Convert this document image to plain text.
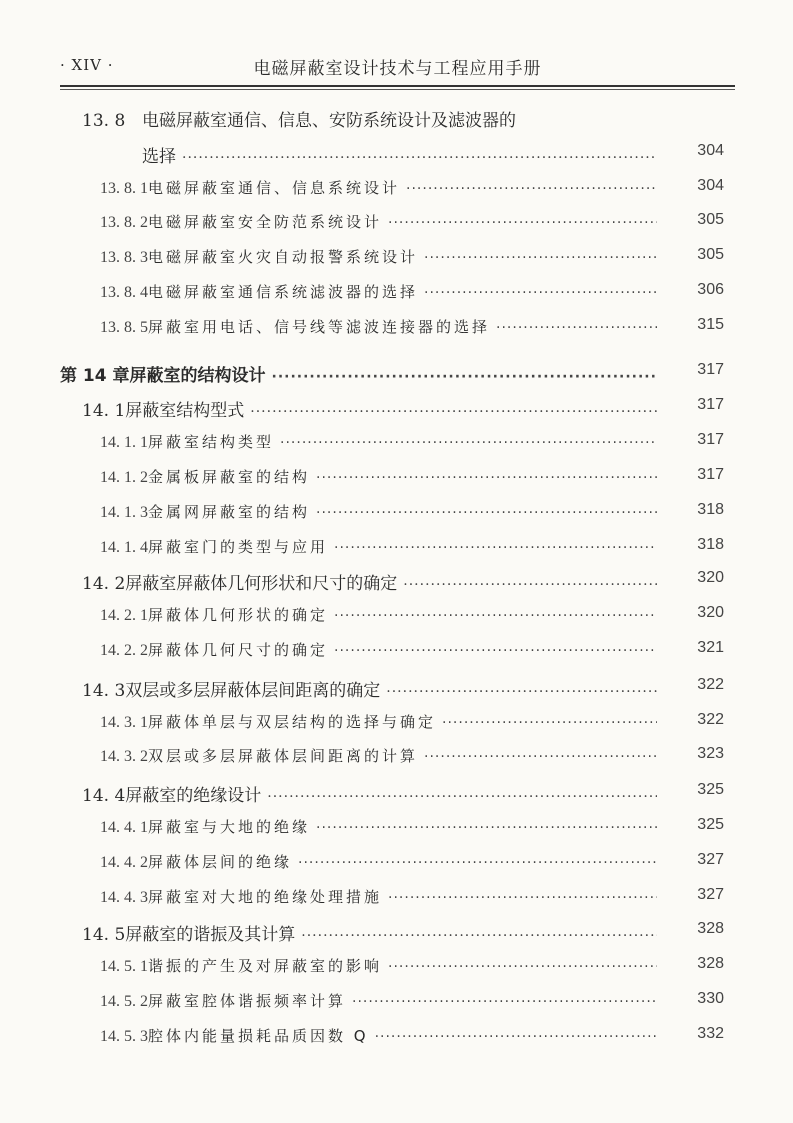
· XIV ·	电磁屏蔽室设计技术与工程应用手册
13. 8 电磁屏蔽室通信、信息、安防系统设计及滤波器的
选择 ·····	304
13. 8. 1 电磁屏蔽室通信、信息系统设计 ·····	304
13. 8. 2 电磁屏蔽室安全防范系统设计 ·····	305
13. 8. 3 电磁屏蔽室火灾自动报警系统设计 ·····	305
13. 8. 4 电磁屏蔽室通信系统滤波器的选择 ·····	306
13. 8. 5 屏蔽室用电话、信号线等滤波连接器的选择 ·····	315
第 14 章 屏蔽室的结构设计 ·····	317
14. 1 屏蔽室结构型式 ·····	317
14. 1. 1 屏蔽室结构类型 ·····	317
14. 1. 2 金属板屏蔽室的结构 ·····	317
14. 1. 3 金属网屏蔽室的结构 ·····	318
14. 1. 4 屏蔽室门的类型与应用 ·····	318
14. 2 屏蔽室屏蔽体几何形状和尺寸的确定 ·····	320
14. 2. 1 屏蔽体几何形状的确定 ·····	320
14. 2. 2 屏蔽体几何尺寸的确定 ·····	321
14. 3 双层或多层屏蔽体层间距离的确定 ·····	322
14. 3. 1 屏蔽体单层与双层结构的选择与确定 ·····	322
14. 3. 2 双层或多层屏蔽体层间距离的计算 ·····	323
14. 4 屏蔽室的绝缘设计 ·····	325
14. 4. 1 屏蔽室与大地的绝缘 ·····	325
14. 4. 2 屏蔽体层间的绝缘 ·····	327
14. 4. 3 屏蔽室对大地的绝缘处理措施 ·····	327
14. 5 屏蔽室的谐振及其计算 ·····	328
14. 5. 1 谐振的产生及对屏蔽室的影响 ·····	328
14. 5. 2 屏蔽室腔体谐振频率计算 ·····	330
14. 5. 3 腔体内能量损耗品质因数 Q ·····	332
